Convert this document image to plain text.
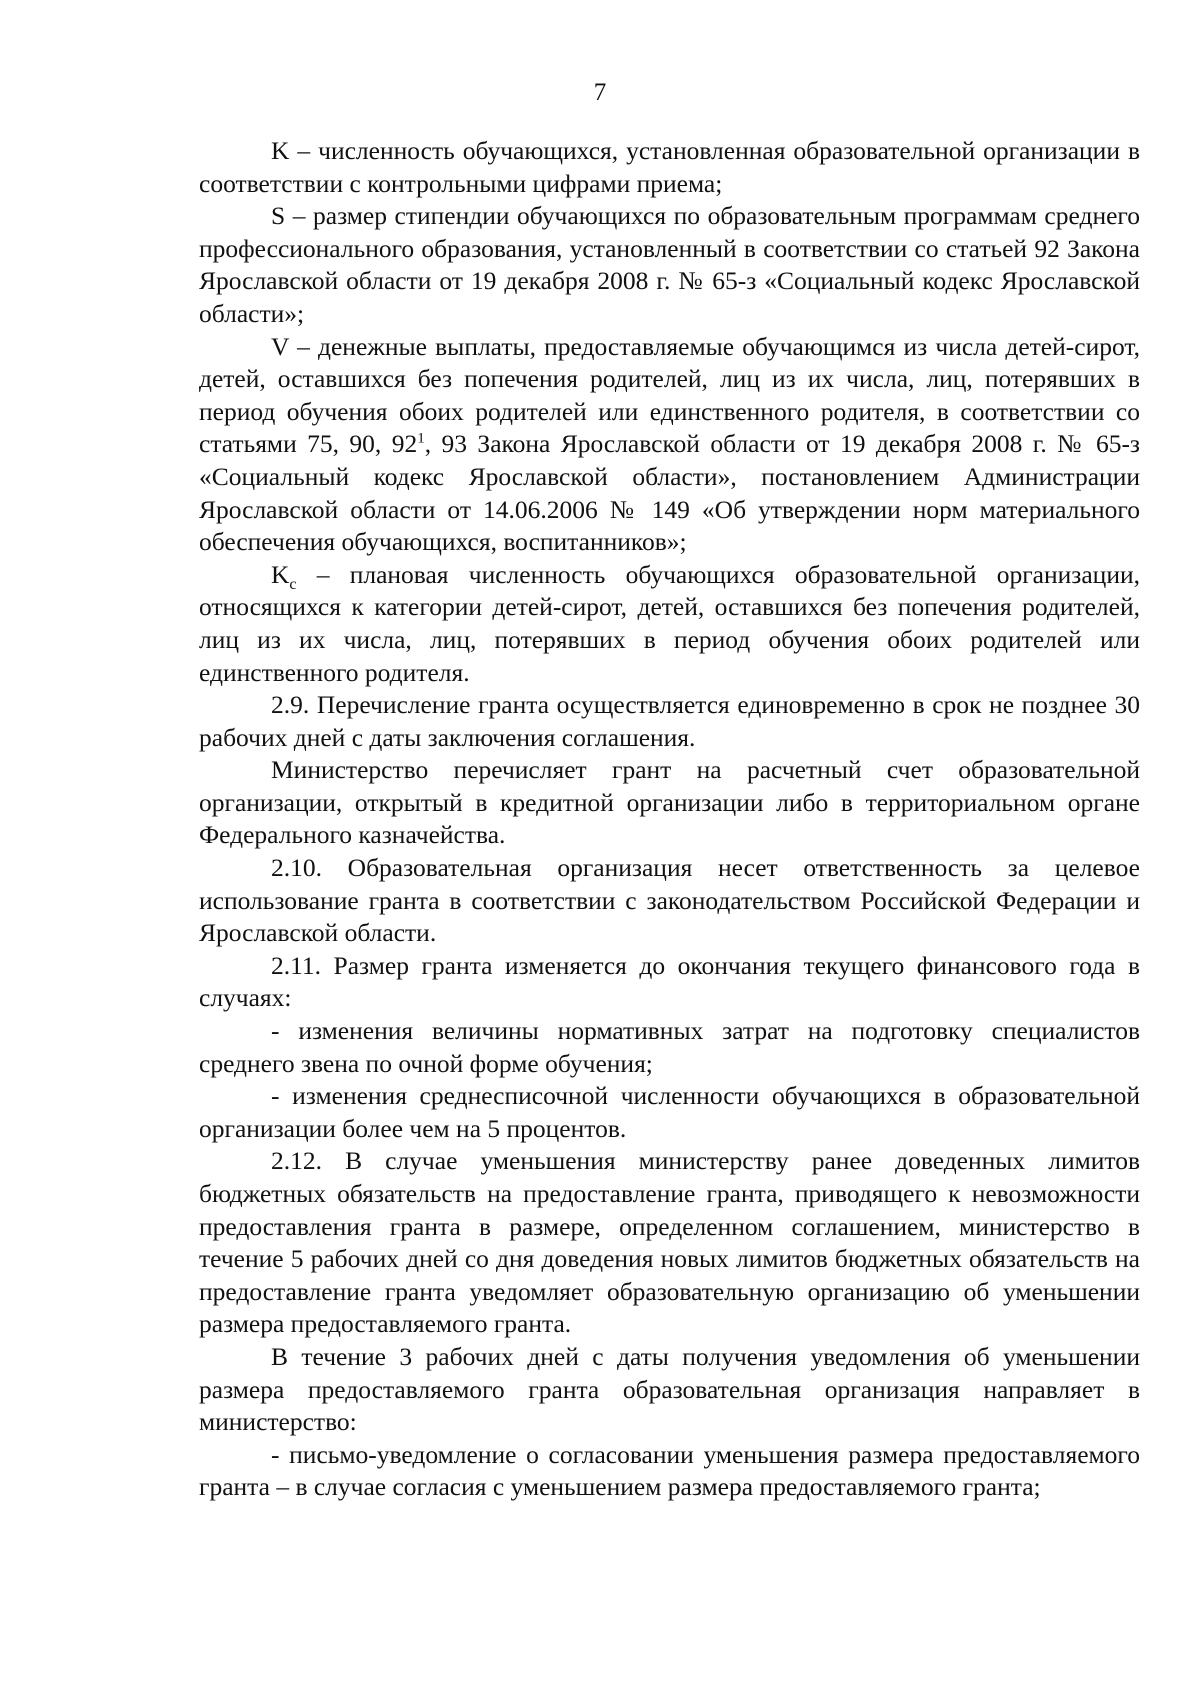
7

K – численность обучающихся, установленная образовательной организации в соответствии с контрольными цифрами приема;

S – размер стипендии обучающихся по образовательным программам среднего профессионального образования, установленный в соответствии со статьей 92 Закона Ярославской области от 19 декабря 2008 г. № 65-з «Социальный кодекс Ярославской области»;

V – денежные выплаты, предоставляемые обучающимся из числа детей-сирот, детей, оставшихся без попечения родителей, лиц из их числа, лиц, потерявших в период обучения обоих родителей или единственного родителя, в соответствии со статьями 75, 90, $92^1$, 93 Закона Ярославской области от 19 декабря 2008 г. № 65-з «Социальный кодекс Ярославской области», постановлением Администрации Ярославской области от 14.06.2006 № 149 «Об утверждении норм материального обеспечения обучающихся, воспитанников»;

$K_с$ – плановая численность обучающихся образовательной организации, относящихся к категории детей-сирот, детей, оставшихся без попечения родителей, лиц из их числа, лиц, потерявших в период обучения обоих родителей или единственного родителя.

2.9. Перечисление гранта осуществляется единовременно в срок не позднее 30 рабочих дней с даты заключения соглашения.

Министерство перечисляет грант на расчетный счет образовательной организации, открытый в кредитной организации либо в территориальном органе Федерального казначейства.

2.10. Образовательная организация несет ответственность за целевое использование гранта в соответствии с законодательством Российской Федерации и Ярославской области.

2.11. Размер гранта изменяется до окончания текущего финансового года в случаях:

- изменения величины нормативных затрат на подготовку специалистов среднего звена по очной форме обучения;

- изменения среднесписочной численности обучающихся в образовательной организации более чем на 5 процентов.

2.12. В случае уменьшения министерству ранее доведенных лимитов бюджетных обязательств на предоставление гранта, приводящего к невозможности предоставления гранта в размере, определенном соглашением, министерство в течение 5 рабочих дней со дня доведения новых лимитов бюджетных обязательств на предоставление гранта уведомляет образовательную организацию об уменьшении размера предоставляемого гранта.

В течение 3 рабочих дней с даты получения уведомления об уменьшении размера предоставляемого гранта образовательная организация направляет в министерство:

- письмо-уведомление о согласовании уменьшения размера предоставляемого гранта – в случае согласия с уменьшением размера предоставляемого гранта;
